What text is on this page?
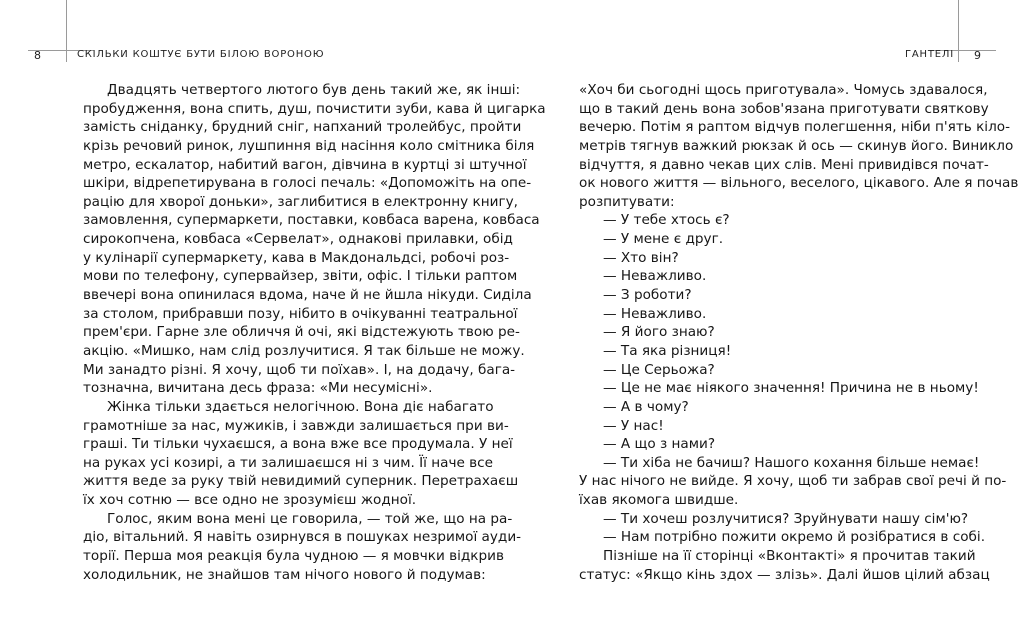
8	СКІЛЬКИ КОШТУЄ БУТИ БІЛОЮ ВОРОНОЮ	ГАНТЕЛІ 9
Двадцять четвертого лютого був день такий же, як інші:
пробудження, вона спить, душ, почистити зуби, кава й цигарка
замість сніданку, брудний сніг, напханий тролейбус, пройти
крізь речовий ринок, лушпиння від насіння коло смітника біля
метро, ескалатор, набитий вагон, дівчина в куртці зі штучної
шкіри, відрепетирувана в голосі печаль: «Допоможіть на опе-
рацію для хворої доньки», заглибитися в електронну книгу,
замовлення, супермаркети, поставки, ковбаса варена, ковбаса
сирокопчена, ковбаса «Сервелат», однакові прилавки, обід
у кулінарії супермаркету, кава в Макдональдсі, робочі роз-
мови по телефону, супервайзер, звіти, офіс. І тільки раптом
ввечері вона опинилася вдома, наче й не йшла нікуди. Сиділа
за столом, прибравши позу, нібито в очікуванні театральної
прем'єри. Гарне зле обличчя й очі, які відстежують твою ре-
акцію. «Мишко, нам слід розлучитися. Я так більше не можу.
Ми занадто різні. Я хочу, щоб ти поїхав». І, на додачу, бага-
тозначна, вичитана десь фраза: «Ми несумісні».
Жінка тільки здається нелогічною. Вона діє набагато
грамотніше за нас, мужиків, і завжди залишається при ви-
граші. Ти тільки чухаєшся, а вона вже все продумала. У неї
на руках усі козирі, а ти залишаєшся ні з чим. Її наче все
життя веде за руку твій невидимий суперник. Перетрахаєш
їх хоч сотню — все одно не зрозумієш жодної.
Голос, яким вона мені це говорила, — той же, що на ра-
діо, вітальний. Я навіть озирнувся в пошуках незримої ауди-
торії. Перша моя реакція була чудною — я мовчки відкрив
холодильник, не знайшов там нічого нового й подумав:
«Хоч би сьогодні щось приготувала». Чомусь здавалося,
що в такий день вона зобов'язана приготувати святкову
вечерю. Потім я раптом відчув полегшення, ніби п'ять кіло-
метрів тягнув важкий рюкзак й ось — скинув його. Виникло
відчуття, я давно чекав цих слів. Мені привидівся почат-
ок нового життя — вільного, веселого, цікавого. Але я почав
розпитувати:
— У тебе хтось є?
— У мене є друг.
— Хто він?
— Неважливо.
— З роботи?
— Неважливо.
— Я його знаю?
— Та яка різниця!
— Це Серьожа?
— Це не має ніякого значення! Причина не в ньому!
— А в чому?
— У нас!
— А що з нами?
— Ти хіба не бачиш? Нашого кохання більше немає!
У нас нічого не вийде. Я хочу, щоб ти забрав свої речі й по-
їхав якомога швидше.
— Ти хочеш розлучитися? Зруйнувати нашу сім'ю?
— Нам потрібно пожити окремо й розібратися в собі.
Пізніше на її сторінці «Вконтакті» я прочитав такий
статус: «Якщо кінь здох — злізь». Далі йшов цілий абзац
